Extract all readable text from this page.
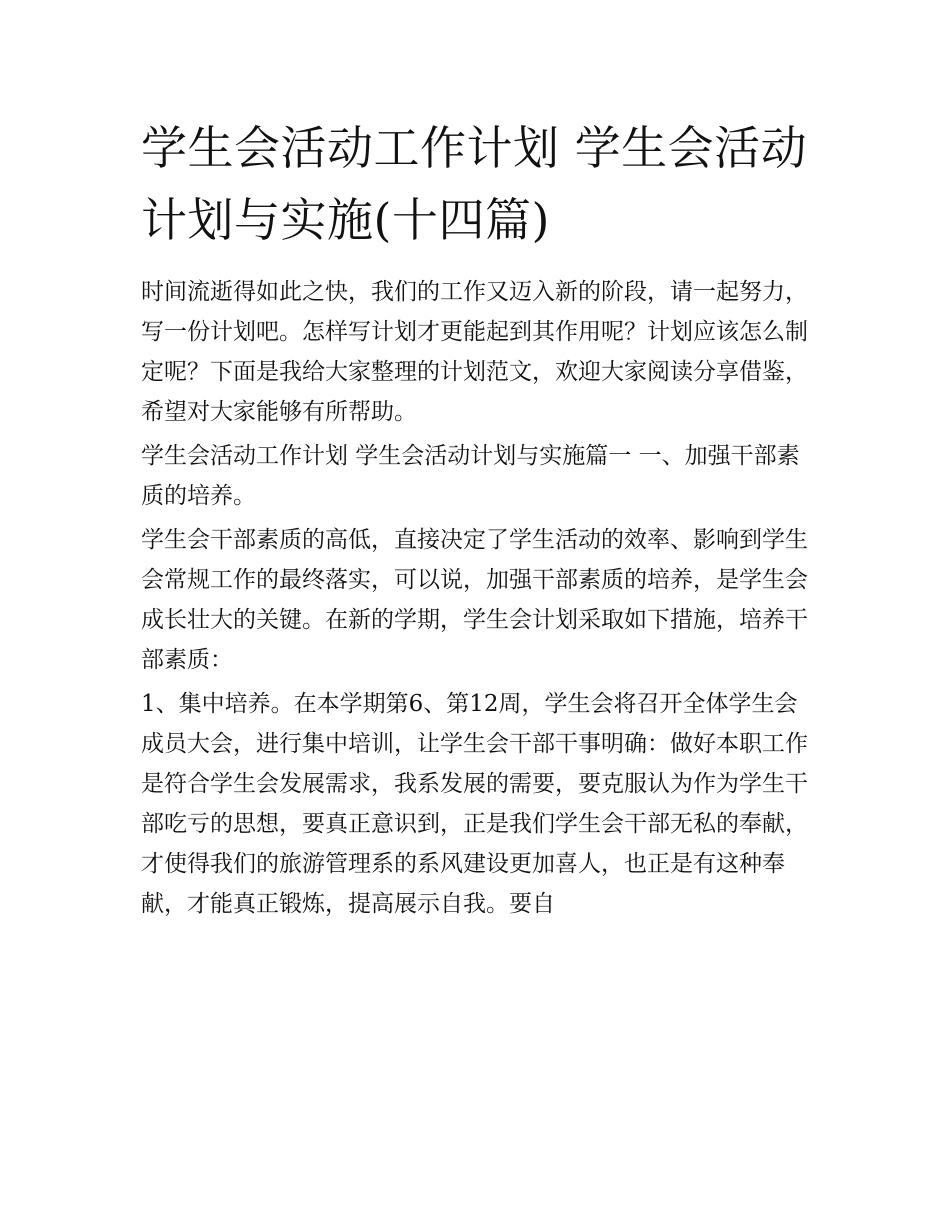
学生会活动工作计划 学生会活动计划与实施(十四篇)

时间流逝得如此之快，我们的工作又迈入新的阶段，请一起努力，写一份计划吧。怎样写计划才更能起到其作用呢？计划应该怎么制定呢？下面是我给大家整理的计划范文，欢迎大家阅读分享借鉴，希望对大家能够有所帮助。

学生会活动工作计划 学生会活动计划与实施篇一 一、加强干部素质的培养。

学生会干部素质的高低，直接决定了学生活动的效率、影响到学生会常规工作的最终落实，可以说，加强干部素质的培养，是学生会成长壮大的关键。在新的学期，学生会计划采取如下措施，培养干部素质：

1、集中培养。在本学期第6、第12周，学生会将召开全体学生会成员大会，进行集中培训，让学生会干部干事明确：做好本职工作是符合学生会发展需求，我系发展的需要，要克服认为作为学生干部吃亏的思想，要真正意识到，正是我们学生会干部无私的奉献，才使得我们的旅游管理系的系风建设更加喜人，也正是有这种奉献，才能真正锻炼，提高展示自我。要自
